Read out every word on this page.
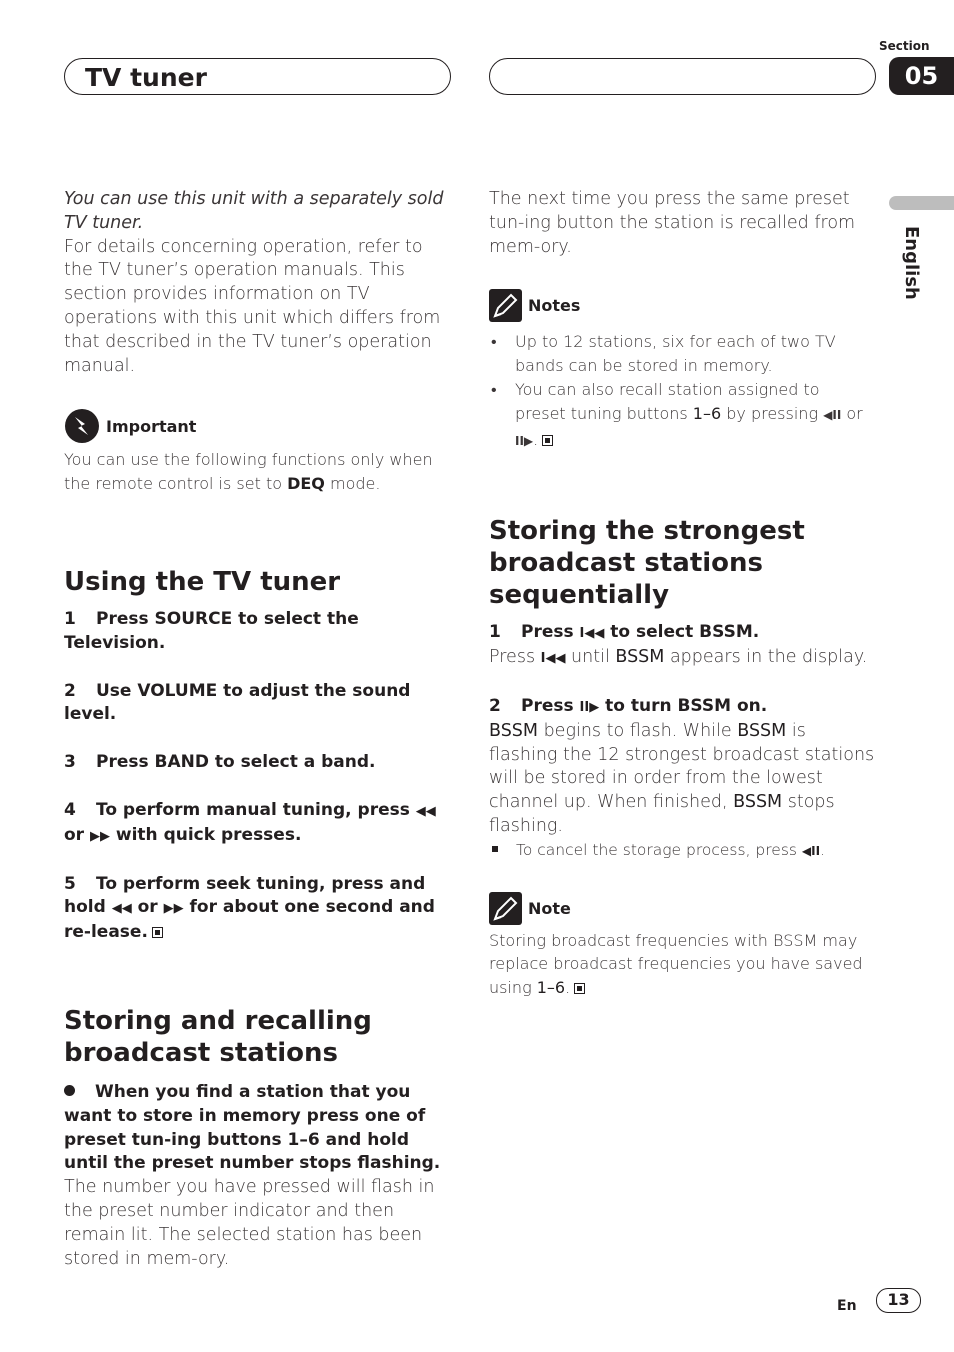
TV tuner
Section
05
English
You can use this unit with a separately sold TV tuner.
For details concerning operation, refer to the TV tuner’s operation manuals. This section provides information on TV operations with this unit which differs from that described in the TV tuner’s operation manual.
Important
You can use the following functions only when the remote control is set to DEQ mode.
Using the TV tuner
1 Press SOURCE to select the Television.
2 Use VOLUME to adjust the sound level.
3 Press BAND to select a band.
4 To perform manual tuning, press ◀◀ or ▶▶ with quick presses.
5 To perform seek tuning, press and hold ◀◀ or ▶▶ for about one second and re-lease.
Storing and recalling broadcast stations
When you find a station that you want to store in memory press one of preset tun-ing buttons 1–6 and hold until the preset number stops flashing.
The number you have pressed will flash in the preset number indicator and then remain lit. The selected station has been stored in mem-ory.
The next time you press the same preset tun-ing button the station is recalled from mem-ory.
Notes
• Up to 12 stations, six for each of two TV bands can be stored in memory.
• You can also recall station assigned to preset tuning buttons 1–6 by pressing ◀II or II▶.
Storing the strongest broadcast stations sequentially
1 Press I◀◀ to select BSSM.
Press I◀◀ until BSSM appears in the display.
2 Press II▶ to turn BSSM on.
BSSM begins to flash. While BSSM is flashing the 12 strongest broadcast stations will be stored in order from the lowest channel up. When finished, BSSM stops flashing.
To cancel the storage process, press ◀II.
Note
Storing broadcast frequencies with BSSM may replace broadcast frequencies you have saved using 1–6.
En	13
